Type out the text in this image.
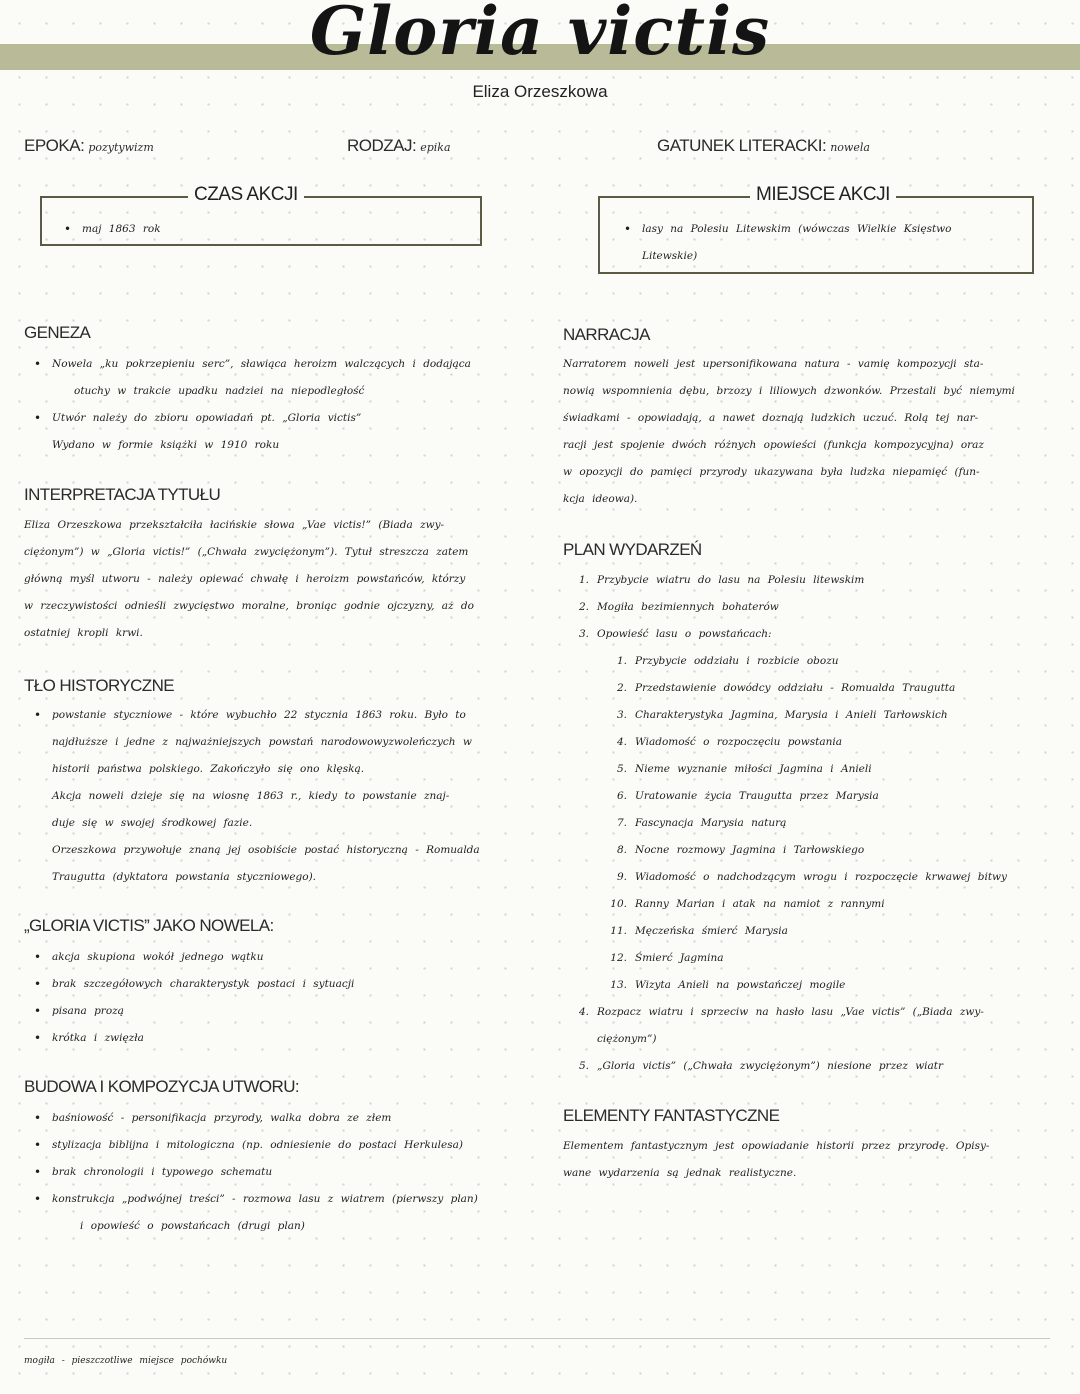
Gloria victis
Eliza Orzeszkowa
EPOKA: pozytywizm	RODZAJ: epika	GATUNEK LITERACKI: nowela
CZAS AKCJI
• maj 1863 rok
MIEJSCE AKCJI
• lasy na Polesiu Litewskim (wówczas Wielkie Księstwo
Litewskie)
GENEZA
• Nowela „ku pokrzepieniu serc”, sławiąca heroizm walczących i dodająca
otuchy w trakcie upadku nadziei na niepodległość
• Utwór należy do zbioru opowiadań pt. „Gloria victis”
Wydano w formie książki w 1910 roku
INTERPRETACJA TYTUŁU

Eliza Orzeszkowa przekształciła łacińskie słowa „Vae victis!” (Biada zwy-

ciężonym”) w „Gloria victis!” („Chwała zwyciężonym”). Tytuł streszcza zatem

główną myśl utworu - należy opiewać chwałę i heroizm powstańców, którzy

w rzeczywistości odnieśli zwycięstwo moralne, broniąc godnie ojczyzny, aż do

ostatniej kropli krwi.

TŁO HISTORYCZNE
• powstanie styczniowe - które wybuchło 22 stycznia 1863 roku. Było to
najdłuższe i jedne z najważniejszych powstań narodowowyzwoleńczych w
historii państwa polskiego. Zakończyło się ono klęską.

Akcja noweli dzieje się na wiosnę 1863 r., kiedy to powstanie znaj-

duje się w swojej środkowej fazie.

Orzeszkowa przywołuje znaną jej osobiście postać historyczną - Romualda

Traugutta (dyktatora powstania styczniowego).

„GLORIA VICTIS” JAKO NOWELA:
• akcja skupiona wokół jednego wątku
• brak szczegółowych charakterystyk postaci i sytuacji
• pisana prozą
• krótka i zwięzła
BUDOWA I KOMPOZYCJA UTWORU:
• baśniowość - personifikacja przyrody, walka dobra ze złem
• stylizacja biblijna i mitologiczna (np. odniesienie do postaci Herkulesa)
• brak chronologii i typowego schematu
• konstrukcja „podwójnej treści” - rozmowa lasu z wiatrem (pierwszy plan)

i opowieść o powstańcach (drugi plan)

NARRACJA

Narratorem noweli jest upersonifikowana natura - vamię kompozycji sta-

nowią wspomnienia dębu, brzozy i liliowych dzwonków. Przestali być niemymi

świadkami - opowiadają, a nawet doznają ludzkich uczuć. Rolą tej nar-

racji jest spojenie dwóch różnych opowieści (funkcja kompozycyjna) oraz

w opozycji do pamięci przyrody ukazywana była ludzka niepamięć (fun-

kcja ideowa).

PLAN WYDARZEŃ
1. Przybycie wiatru do lasu na Polesiu litewskim
2. Mogiła bezimiennych bohaterów
3. Opowieść lasu o powstańcach:
1. Przybycie oddziału i rozbicie obozu
2. Przedstawienie dowódcy oddziału - Romualda Traugutta
3. Charakterystyka Jagmina, Marysia i Anieli Tarłowskich
4. Wiadomość o rozpoczęciu powstania
5. Nieme wyznanie miłości Jagmina i Anieli
6. Uratowanie życia Traugutta przez Marysia
7. Fascynacja Marysia naturą
8. Nocne rozmowy Jagmina i Tarłowskiego
9. Wiadomość o nadchodzącym wrogu i rozpoczęcie krwawej bitwy
10. Ranny Marian i atak na namiot z rannymi
11. Męczeńska śmierć Marysia
12. Śmierć Jagmina
13. Wizyta Anieli na powstańczej mogile
4. Rozpacz wiatru i sprzeciw na hasło lasu „Vae victis” („Biada zwy-
ciężonym”)
5. „Gloria victis” („Chwała zwyciężonym”) niesione przez wiatr
ELEMENTY FANTASTYCZNE

Elementem fantastycznym jest opowiadanie historii przez przyrodę. Opisy-

wane wydarzenia są jednak realistyczne.

mogiła - pieszczotliwe miejsce pochówku
